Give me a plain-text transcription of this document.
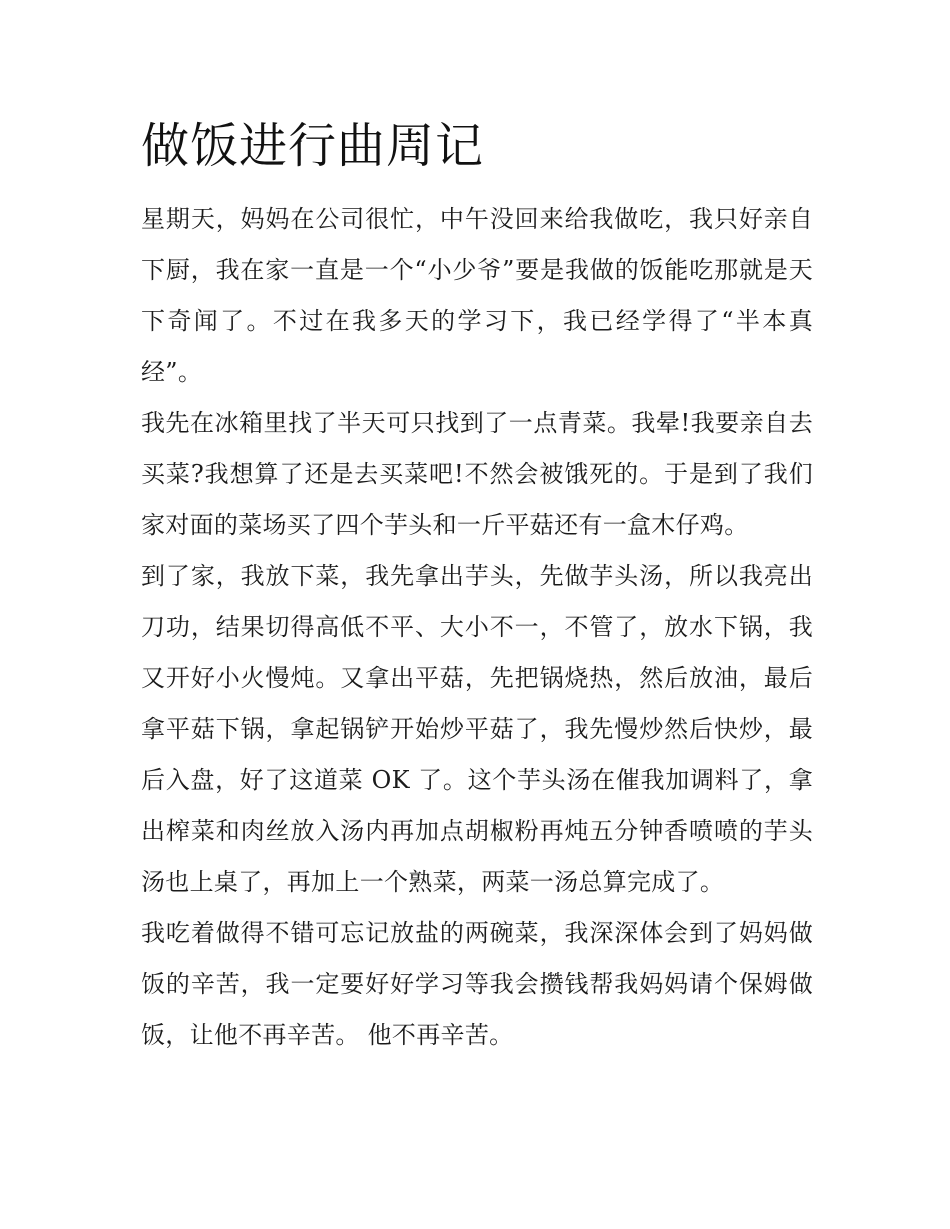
做饭进行曲周记

星期天，妈妈在公司很忙，中午没回来给我做吃，我只好亲自下厨，我在家一直是一个“小少爷”要是我做的饭能吃那就是天下奇闻了。不过在我多天的学习下，我已经学得了“半本真经”。

我先在冰箱里找了半天可只找到了一点青菜。我晕!我要亲自去买菜?我想算了还是去买菜吧!不然会被饿死的。于是到了我们家对面的菜场买了四个芋头和一斤平菇还有一盒木仔鸡。

到了家，我放下菜，我先拿出芋头，先做芋头汤，所以我亮出刀功，结果切得高低不平、大小不一，不管了，放水下锅，我又开好小火慢炖。又拿出平菇，先把锅烧热，然后放油，最后拿平菇下锅，拿起锅铲开始炒平菇了，我先慢炒然后快炒，最后入盘，好了这道菜 OK 了。这个芋头汤在催我加调料了，拿出榨菜和肉丝放入汤内再加点胡椒粉再炖五分钟香喷喷的芋头汤也上桌了，再加上一个熟菜，两菜一汤总算完成了。

我吃着做得不错可忘记放盐的两碗菜，我深深体会到了妈妈做饭的辛苦，我一定要好好学习等我会攒钱帮我妈妈请个保姆做饭，让他不再辛苦。 他不再辛苦。
